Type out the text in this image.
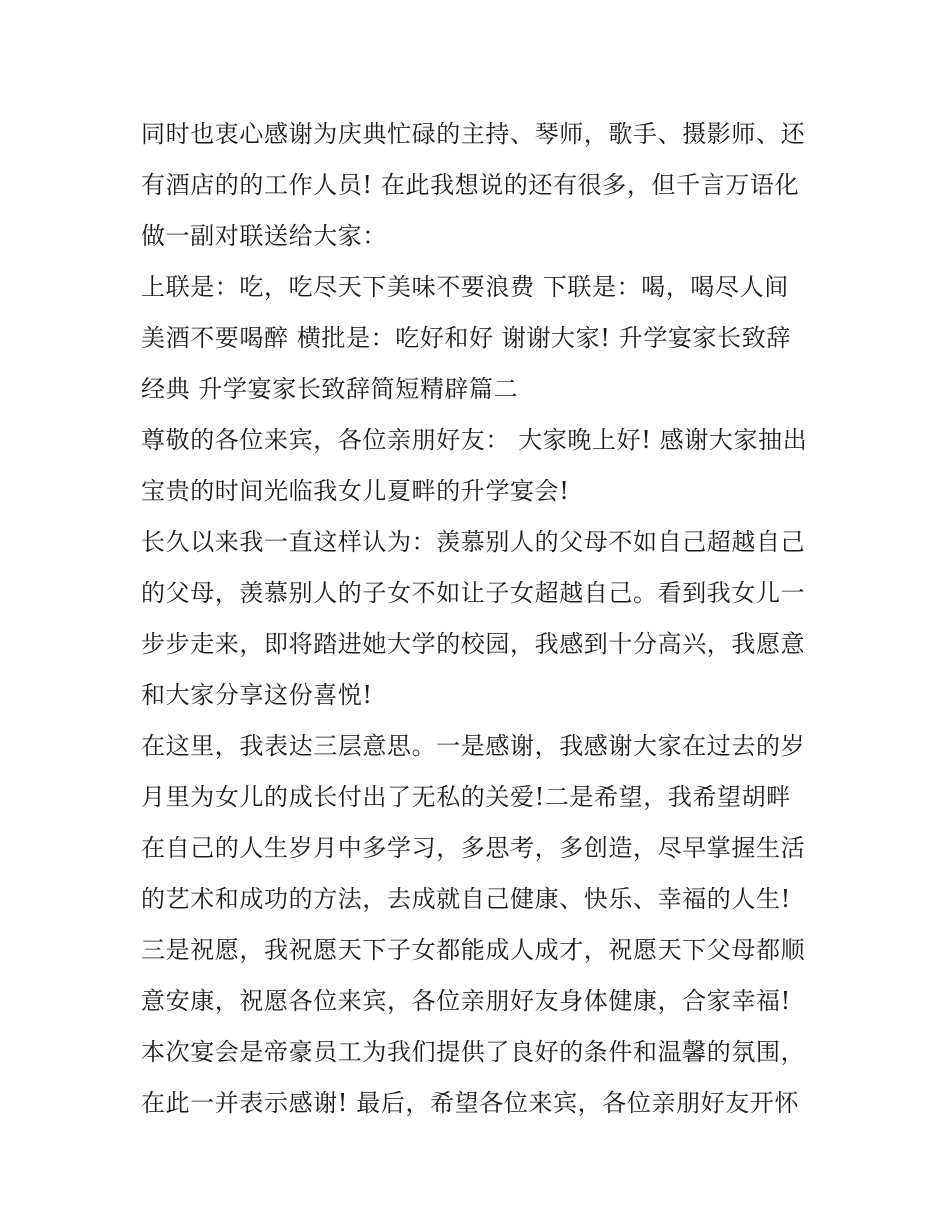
同时也衷心感谢为庆典忙碌的主持、琴师，歌手、摄影师、还
有酒店的的工作人员! 在此我想说的还有很多，但千言万语化
做一副对联送给大家：
上联是：吃，吃尽天下美味不要浪费 下联是：喝，喝尽人间
美酒不要喝醉 横批是：吃好和好 谢谢大家! 升学宴家长致辞
经典 升学宴家长致辞简短精辟篇二
尊敬的各位来宾，各位亲朋好友： 大家晚上好! 感谢大家抽出
宝贵的时间光临我女儿夏畔的升学宴会!
长久以来我一直这样认为：羡慕别人的父母不如自己超越自己
的父母，羡慕别人的子女不如让子女超越自己。看到我女儿一
步步走来，即将踏进她大学的校园，我感到十分高兴，我愿意
和大家分享这份喜悦!
在这里，我表达三层意思。一是感谢，我感谢大家在过去的岁
月里为女儿的成长付出了无私的关爱!二是希望，我希望胡畔
在自己的人生岁月中多学习，多思考，多创造，尽早掌握生活
的艺术和成功的方法，去成就自己健康、快乐、幸福的人生!
三是祝愿，我祝愿天下子女都能成人成才，祝愿天下父母都顺
意安康，祝愿各位来宾，各位亲朋好友身体健康，合家幸福!
本次宴会是帝豪员工为我们提供了良好的条件和温馨的氛围，
在此一并表示感谢! 最后，希望各位来宾，各位亲朋好友开怀
